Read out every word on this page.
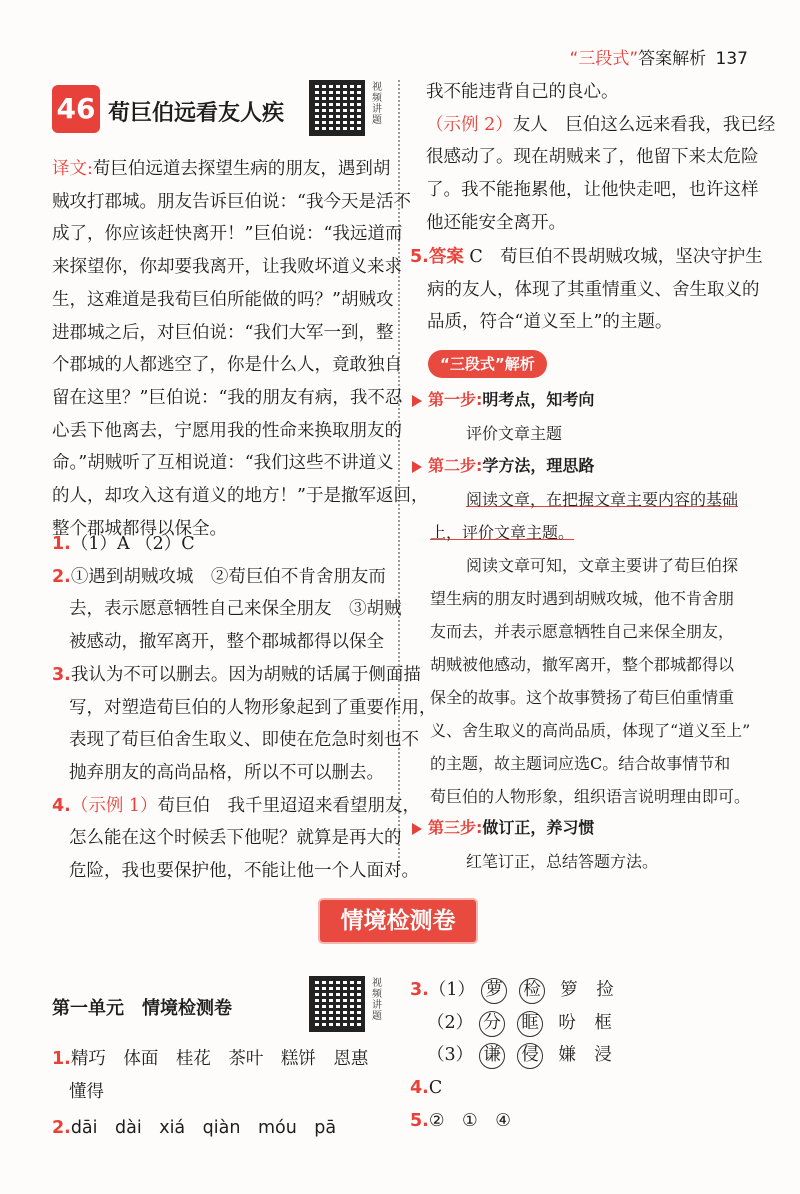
“三段式”答案解析 137
46 荀巨伯远看友人疾
视
频
讲
题

译文:荀巨伯远道去探望生病的朋友，遇到胡

贼攻打郡城。朋友告诉巨伯说：“我今天是活不

成了，你应该赶快离开！”巨伯说：“我远道而

来探望你，你却要我离开，让我败坏道义来求

生，这难道是我荀巨伯所能做的吗？”胡贼攻

进郡城之后，对巨伯说：“我们大军一到，整

个郡城的人都逃空了，你是什么人，竟敢独自

留在这里？”巨伯说：“我的朋友有病，我不忍

心丢下他离去，宁愿用我的性命来换取朋友的

命。”胡贼听了互相说道：“我们这些不讲道义

的人，却攻入这有道义的地方！”于是撤军返回，

整个郡城都得以保全。

1.（1）A （2）C

2.①遇到胡贼攻城　②荀巨伯不肯舍朋友而

去，表示愿意牺牲自己来保全朋友　③胡贼

被感动，撤军离开，整个郡城都得以保全

3.我认为不可以删去。因为胡贼的话属于侧面描

写，对塑造荀巨伯的人物形象起到了重要作用，

表现了荀巨伯舍生取义、即使在危急时刻也不

抛弃朋友的高尚品格，所以不可以删去。

4.（示例 1）荀巨伯　我千里迢迢来看望朋友，

怎么能在这个时候丢下他呢？就算是再大的

危险，我也要保护他，不能让他一个人面对。

我不能违背自己的良心。

（示例 2）友人　巨伯这么远来看我，我已经

很感动了。现在胡贼来了，他留下来太危险

了。我不能拖累他，让他快走吧，也许这样

他还能安全离开。

5.答案 C　荀巨伯不畏胡贼攻城，坚决守护生

病的友人，体现了其重情重义、舍生取义的

品质，符合“道义至上”的主题。

“三段式”解析

第一步:明考点，知考向

评价文章主题

第二步:学方法，理思路

阅读文章，在把握文章主要内容的基础

上，评价文章主题。

阅读文章可知，文章主要讲了荀巨伯探

望生病的朋友时遇到胡贼攻城，他不肯舍朋

友而去，并表示愿意牺牲自己来保全朋友，

胡贼被他感动，撤军离开，整个郡城都得以

保全的故事。这个故事赞扬了荀巨伯重情重

义、舍生取义的高尚品质，体现了“道义至上”

的主题，故主题词应选C。结合故事情节和

荀巨伯的人物形象，组织语言说明理由即可。

第三步:做订正，养习惯

红笔订正，总结答题方法。

情境检测卷
第一单元　情境检测卷
视
频
讲
题

1.精巧　体面　桂花　茶叶　糕饼　恩惠

懂得

2.dāi　dài　xiá　qiàn　móu　pā

3.（1） 萝 检 箩 捡

（2） 分 眶 吩 框

（3） 谦 侵 嫌 浸

4.C

5.②　①　④
